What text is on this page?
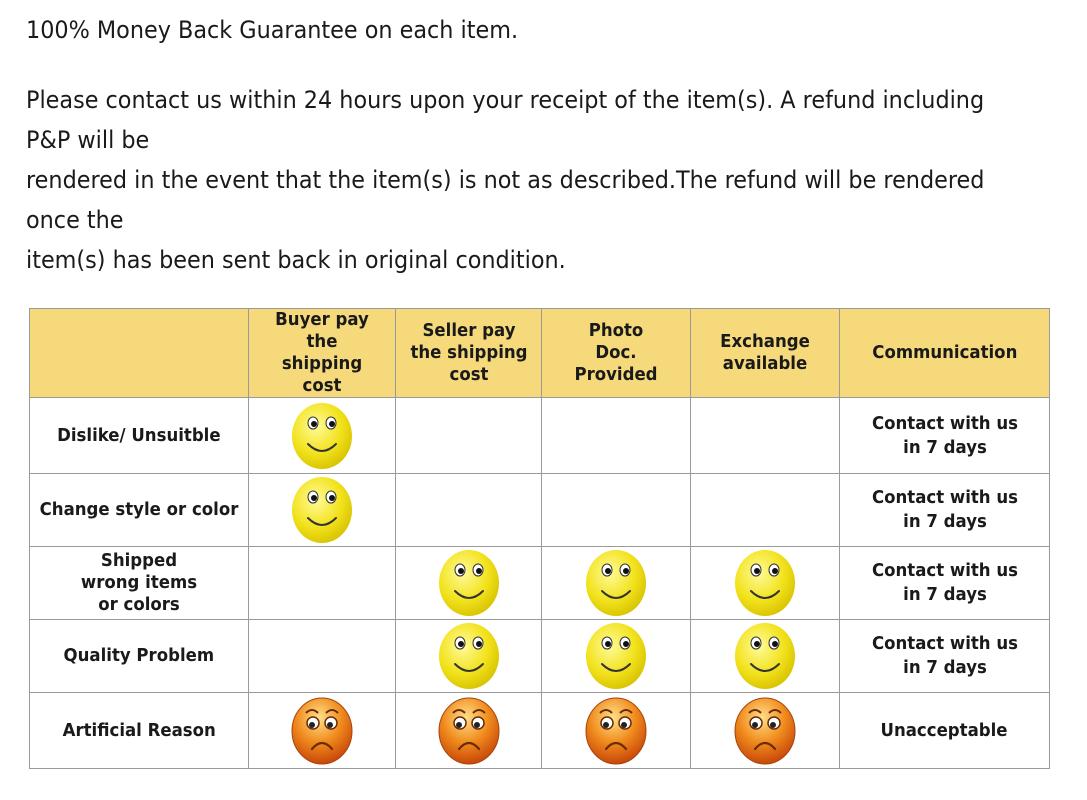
100% Money Back Guarantee on each item.

Please contact us within 24 hours upon your receipt of the item(s). A refund including

P&P will be

rendered in the event that the item(s) is not as described.The refund will be rendered

once the

item(s) has been sent back in original condition.

	Buyer pay the shipping cost	Seller pay the shipping cost	Photo Doc. Provided	Exchange available	Communication
Dislike/ Unsuitble					Contact with us in 7 days
Change style or color					Contact with us in 7 days
Shipped wrong items or colors					Contact with us in 7 days
Quality Problem					Contact with us in 7 days
Artificial Reason					Unacceptable
